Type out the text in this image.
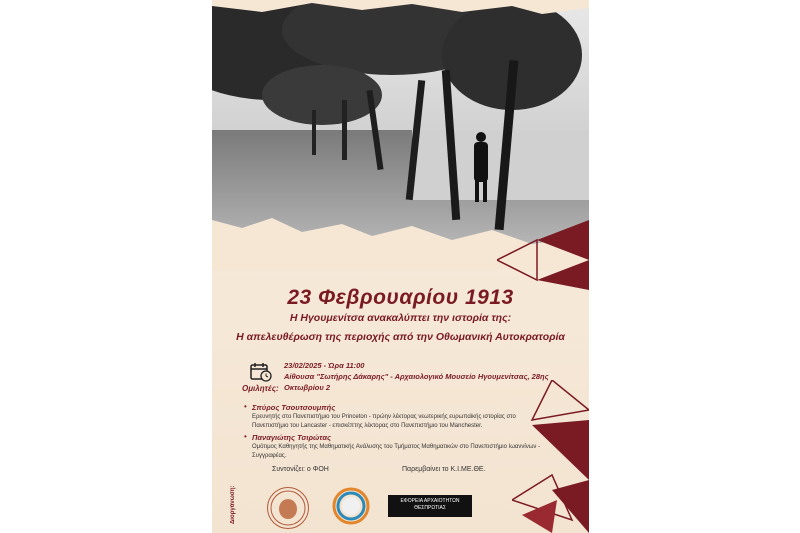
23 Φεβρουαρίου 1913
Η Ηγουμενίτσα ανακαλύπτει την ιστορία της:
Η απελευθέρωση της περιοχής από την Οθωμανική Αυτοκρατορία
23/02/2025 - Ώρα 11:00
Αίθουσα "Σωτήρης Δάκαρης" - Αρχαιολογικό Μουσείο Ηγουμενίτσας, 28ης Οκτωβρίου 2
Ομιλητές:
• Σπύρος Τσουτσουμπής
Ερευνητής στο Πανεπιστήμιο του Princeton - πρώην λέκτορας νεωτερικής ευρωπαϊκής ιστορίας στο Πανεπιστήμιο του Lancaster - επισκέπτης λέκτορας στο Πανεπιστήμιο του Manchester.
• Παναγιώτης Τσιρώτας
Ομότιμος Καθηγητής της Μαθηματικής Ανάλυσης του Τμήματος Μαθηματικών στο Πανεπιστήμιο Ιωαννίνων - Συγγραφέας.
Συντονίζει: ο ΦΟΗ	Παρεμβαίνει το Κ.Ι.ΜΕ.ΘΕ.
Διοργάνωση:	ΕΦΟΡΕΙΑ ΑΡΧΑΙΟΤΗΤΩΝ
ΘΕΣΠΡΩΤΙΑΣ
